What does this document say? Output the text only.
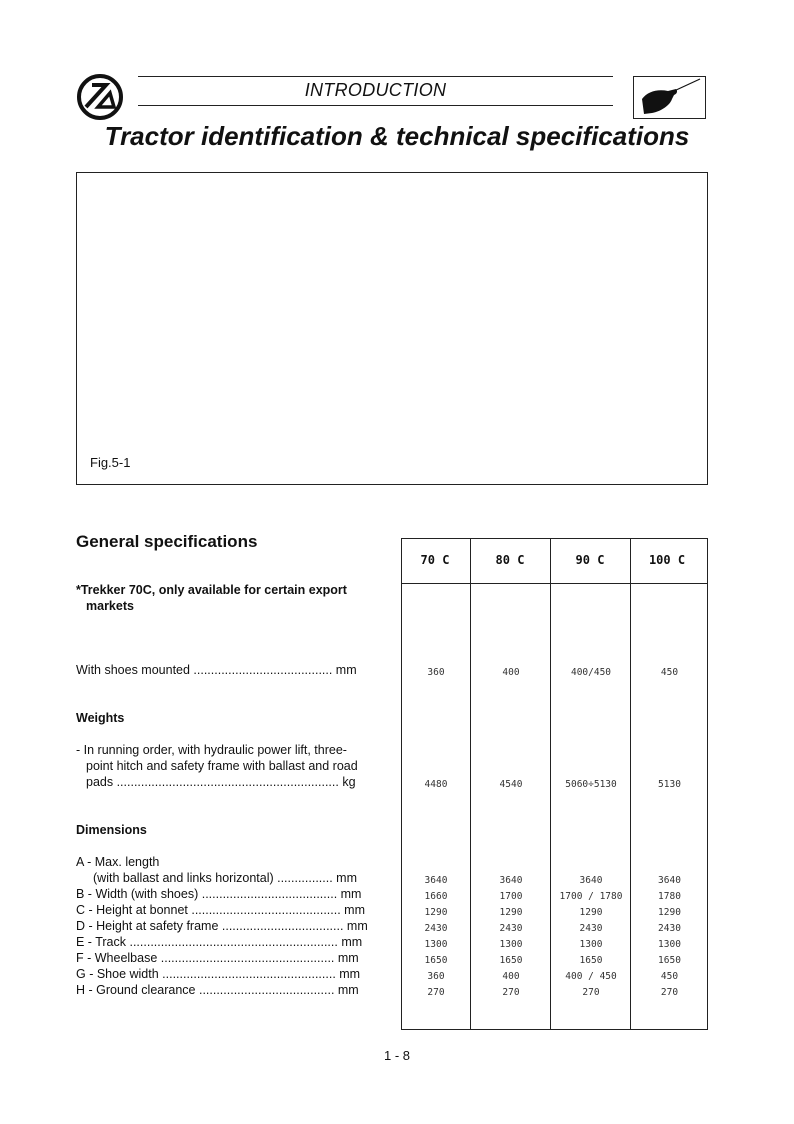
INTRODUCTION
Tractor identification & technical specifications
Fig.5-1
General specifications
*Trekker 70C, only available for certain export
markets
With shoes mounted ........................................ mm
Weights
- In running order, with hydraulic power lift, three-
point hitch and safety frame with ballast and road
pads ................................................................ kg
Dimensions
A - Max. length
(with ballast and links horizontal) ................ mm
B - Width (with shoes) ....................................... mm
C - Height at bonnet ........................................... mm
D - Height at safety frame ................................... mm
E - Track ............................................................ mm
F - Wheelbase .................................................. mm
G - Shoe width .................................................. mm
H - Ground clearance ....................................... mm
70 C	80 C	90 C	100 C
360	400	400/450	450
4480	4540	5060÷5130	5130
3640	3640	3640	3640
1660	1700	1700 / 1780	1780
1290	1290	1290	1290
2430	2430	2430	2430
1300	1300	1300	1300
1650	1650	1650	1650
360	400	400 / 450	450
270	270	270	270
1 - 8
